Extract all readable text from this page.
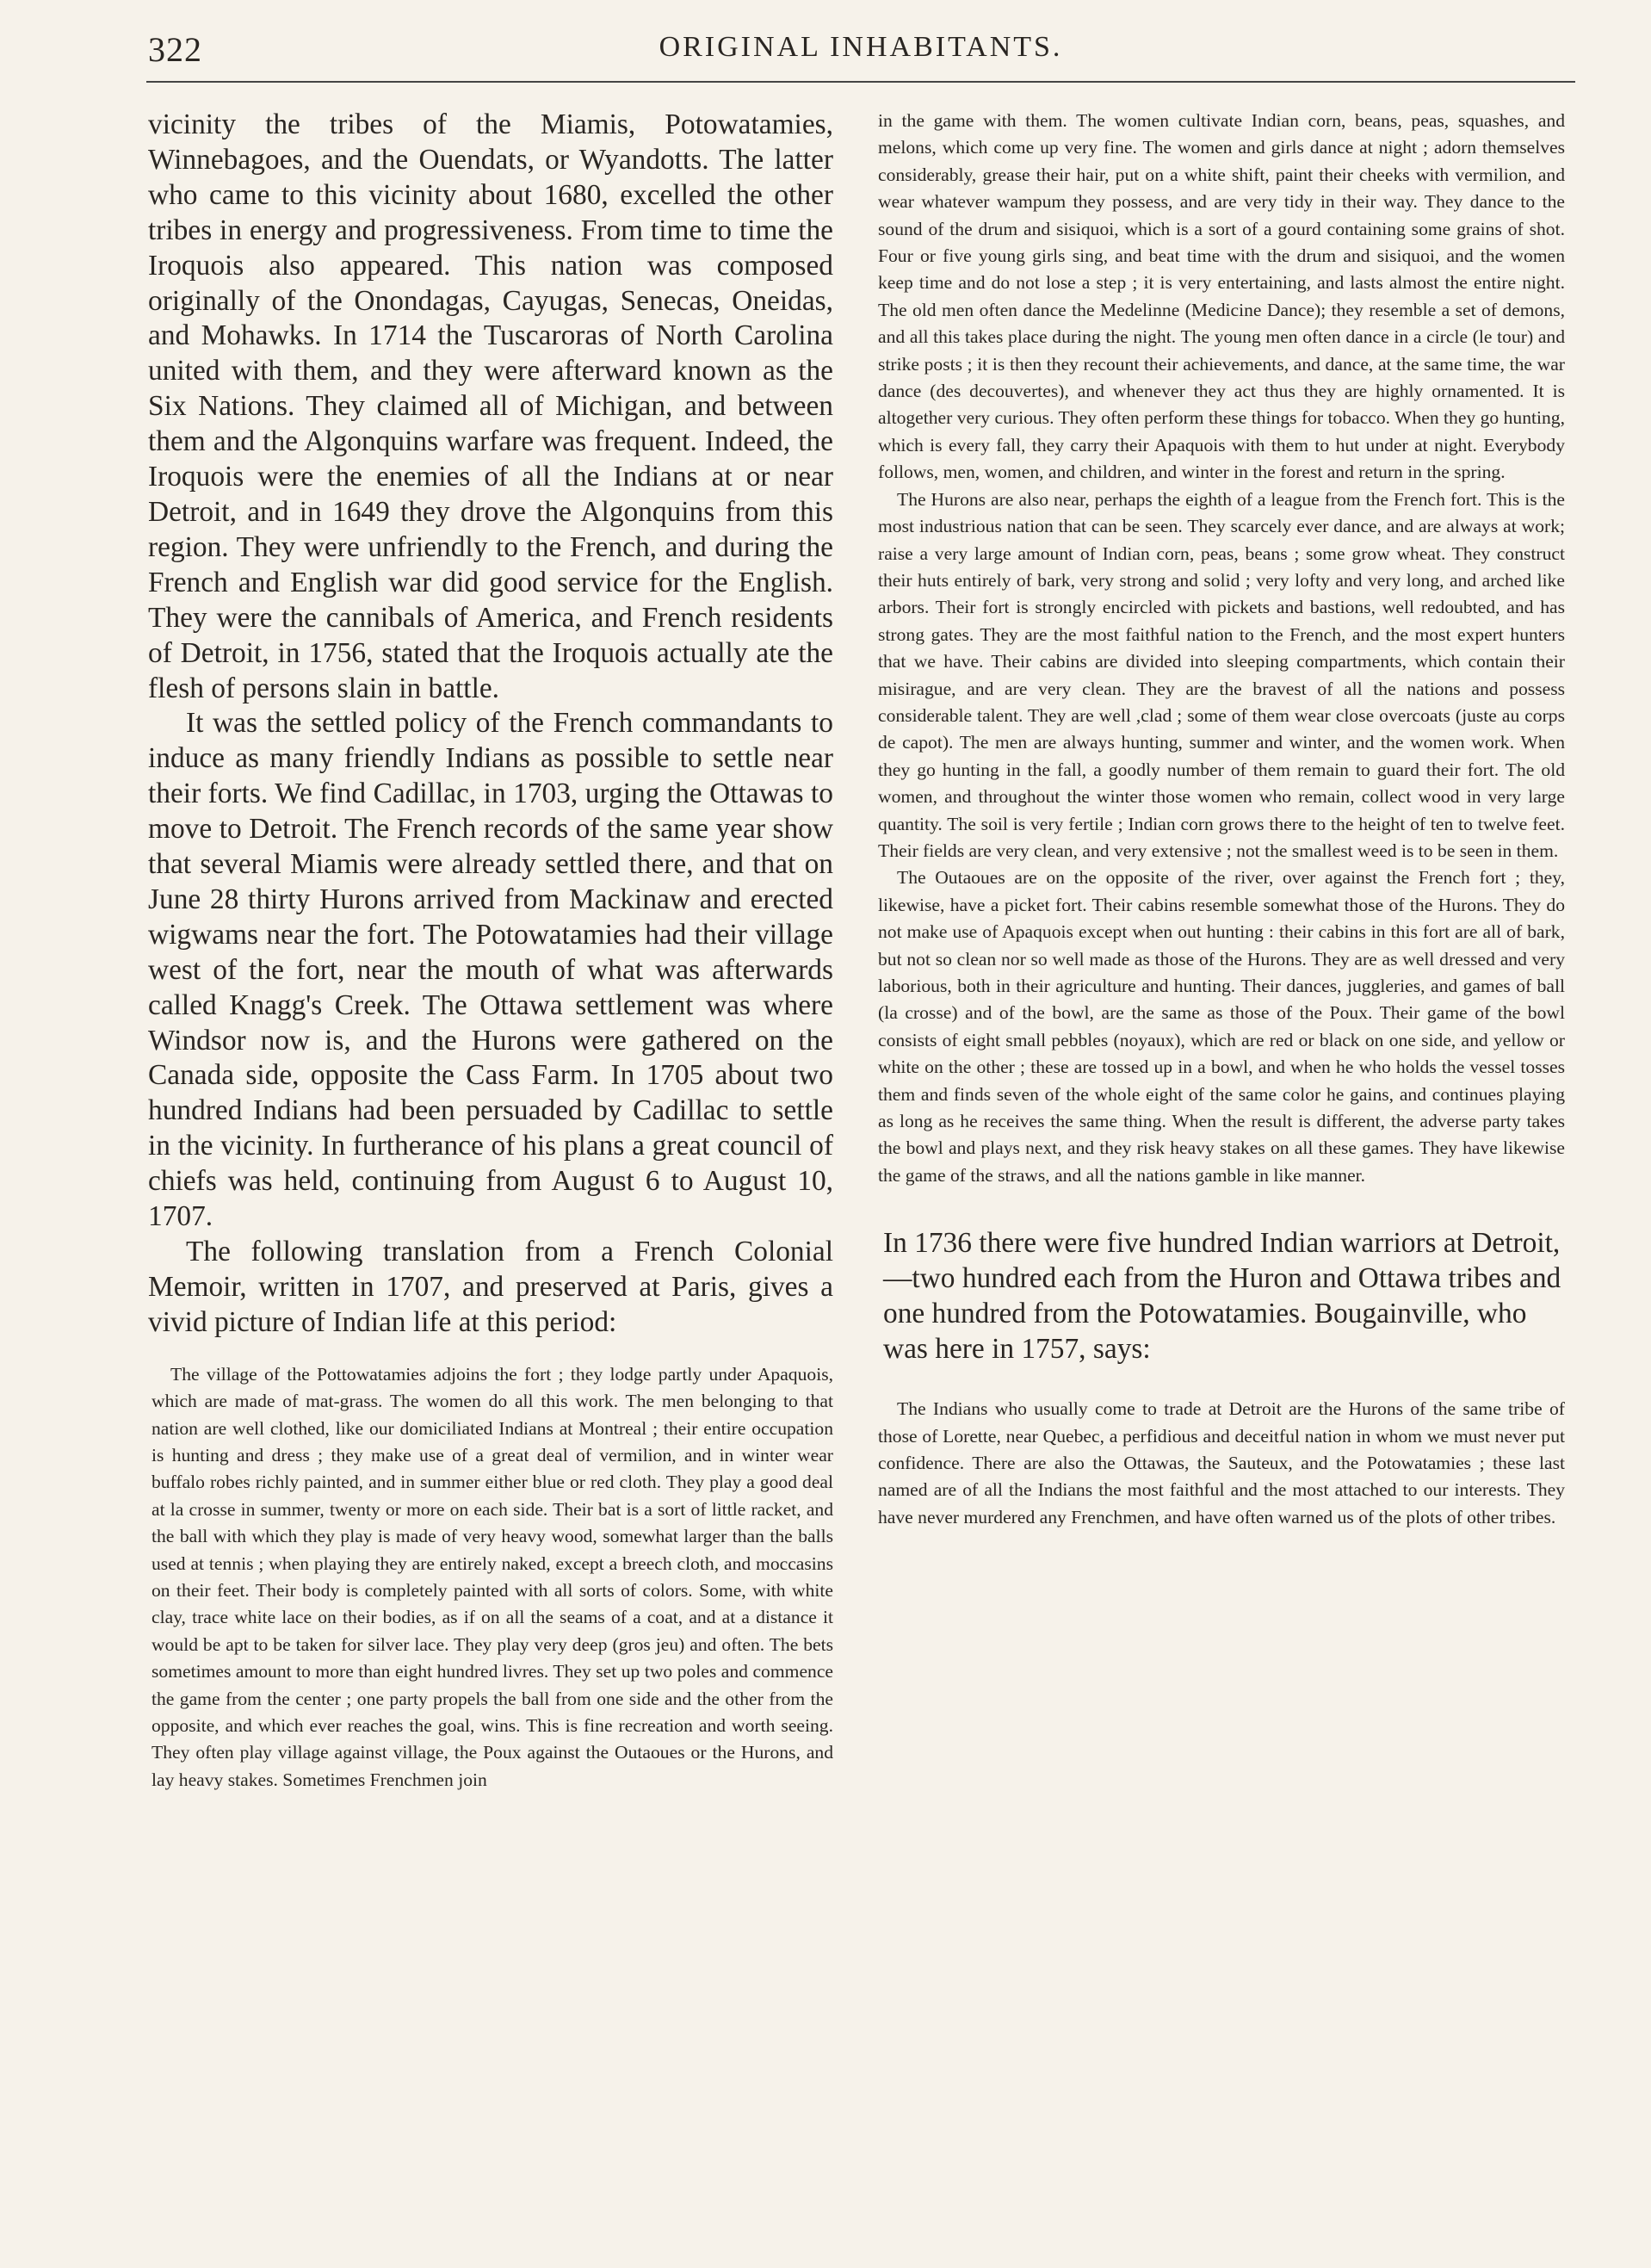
322	ORIGINAL INHABITANTS.

vicinity the tribes of the Miamis, Potowatamies, Winnebagoes, and the Ouendats, or Wyandotts. The latter who came to this vicinity about 1680, excelled the other tribes in energy and progressiveness. From time to time the Iroquois also appeared. This nation was composed originally of the Onondagas, Cayugas, Senecas, Oneidas, and Mohawks. In 1714 the Tuscaroras of North Carolina united with them, and they were afterward known as the Six Nations. They claimed all of Michigan, and between them and the Algonquins warfare was frequent. Indeed, the Iroquois were the enemies of all the Indians at or near Detroit, and in 1649 they drove the Algonquins from this region. They were unfriendly to the French, and during the French and English war did good service for the English. They were the cannibals of America, and French residents of Detroit, in 1756, stated that the Iroquois actually ate the flesh of persons slain in battle.

It was the settled policy of the French commandants to induce as many friendly Indians as possible to settle near their forts. We find Cadillac, in 1703, urging the Ottawas to move to Detroit. The French records of the same year show that several Miamis were already settled there, and that on June 28 thirty Hurons arrived from Mackinaw and erected wigwams near the fort. The Potowatamies had their village west of the fort, near the mouth of what was afterwards called Knagg's Creek. The Ottawa settlement was where Windsor now is, and the Hurons were gathered on the Canada side, opposite the Cass Farm. In 1705 about two hundred Indians had been persuaded by Cadillac to settle in the vicinity. In furtherance of his plans a great council of chiefs was held, continuing from August 6 to August 10, 1707.

The following translation from a French Colonial Memoir, written in 1707, and preserved at Paris, gives a vivid picture of Indian life at this period:

The village of the Pottowatamies adjoins the fort ; they lodge partly under Apaquois, which are made of mat-grass. The women do all this work. The men belonging to that nation are well clothed, like our domiciliated Indians at Montreal ; their entire occupation is hunting and dress ; they make use of a great deal of vermilion, and in winter wear buffalo robes richly painted, and in summer either blue or red cloth. They play a good deal at la crosse in summer, twenty or more on each side. Their bat is a sort of little racket, and the ball with which they play is made of very heavy wood, somewhat larger than the balls used at tennis ; when playing they are entirely naked, except a breech cloth, and moccasins on their feet. Their body is completely painted with all sorts of colors. Some, with white clay, trace white lace on their bodies, as if on all the seams of a coat, and at a distance it would be apt to be taken for silver lace. They play very deep (gros jeu) and often. The bets sometimes amount to more than eight hundred livres. They set up two poles and commence the game from the center ; one party propels the ball from one side and the other from the opposite, and which ever reaches the goal, wins. This is fine recreation and worth seeing. They often play village against village, the Poux against the Outaoues or the Hurons, and lay heavy stakes. Sometimes Frenchmen join

in the game with them. The women cultivate Indian corn, beans, peas, squashes, and melons, which come up very fine. The women and girls dance at night ; adorn themselves considerably, grease their hair, put on a white shift, paint their cheeks with vermilion, and wear whatever wampum they possess, and are very tidy in their way. They dance to the sound of the drum and sisiquoi, which is a sort of a gourd containing some grains of shot. Four or five young girls sing, and beat time with the drum and sisiquoi, and the women keep time and do not lose a step ; it is very entertaining, and lasts almost the entire night. The old men often dance the Medelinne (Medicine Dance); they resemble a set of demons, and all this takes place during the night. The young men often dance in a circle (le tour) and strike posts ; it is then they recount their achievements, and dance, at the same time, the war dance (des decouvertes), and whenever they act thus they are highly ornamented. It is altogether very curious. They often perform these things for tobacco. When they go hunting, which is every fall, they carry their Apaquois with them to hut under at night. Everybody follows, men, women, and children, and winter in the forest and return in the spring.

The Hurons are also near, perhaps the eighth of a league from the French fort. This is the most industrious nation that can be seen. They scarcely ever dance, and are always at work; raise a very large amount of Indian corn, peas, beans ; some grow wheat. They construct their huts entirely of bark, very strong and solid ; very lofty and very long, and arched like arbors. Their fort is strongly encircled with pickets and bastions, well redoubted, and has strong gates. They are the most faithful nation to the French, and the most expert hunters that we have. Their cabins are divided into sleeping compartments, which contain their misirague, and are very clean. They are the bravest of all the nations and possess considerable talent. They are well ,clad ; some of them wear close overcoats (juste au corps de capot). The men are always hunting, summer and winter, and the women work. When they go hunting in the fall, a goodly number of them remain to guard their fort. The old women, and throughout the winter those women who remain, collect wood in very large quantity. The soil is very fertile ; Indian corn grows there to the height of ten to twelve feet. Their fields are very clean, and very extensive ; not the smallest weed is to be seen in them.

The Outaoues are on the opposite of the river, over against the French fort ; they, likewise, have a picket fort. Their cabins resemble somewhat those of the Hurons. They do not make use of Apaquois except when out hunting : their cabins in this fort are all of bark, but not so clean nor so well made as those of the Hurons. They are as well dressed and very laborious, both in their agriculture and hunting. Their dances, juggleries, and games of ball (la crosse) and of the bowl, are the same as those of the Poux. Their game of the bowl consists of eight small pebbles (noyaux), which are red or black on one side, and yellow or white on the other ; these are tossed up in a bowl, and when he who holds the vessel tosses them and finds seven of the whole eight of the same color he gains, and continues playing as long as he receives the same thing. When the result is different, the adverse party takes the bowl and plays next, and they risk heavy stakes on all these games. They have likewise the game of the straws, and all the nations gamble in like manner.

In 1736 there were five hundred Indian warriors at Detroit,—two hundred each from the Huron and Ottawa tribes and one hundred from the Potowatamies. Bougainville, who was here in 1757, says:

The Indians who usually come to trade at Detroit are the Hurons of the same tribe of those of Lorette, near Quebec, a perfidious and deceitful nation in whom we must never put confidence. There are also the Ottawas, the Sauteux, and the Potowatamies ; these last named are of all the Indians the most faithful and the most attached to our interests. They have never murdered any Frenchmen, and have often warned us of the plots of other tribes.
